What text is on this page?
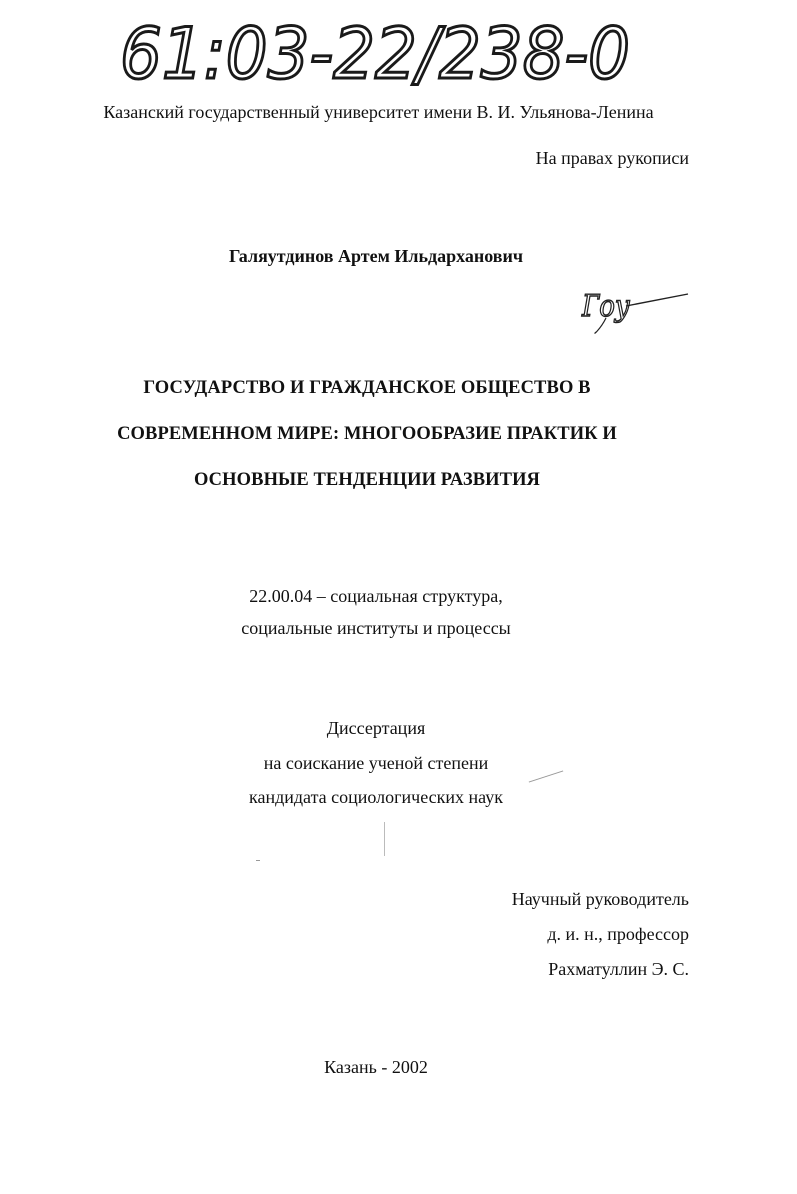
61:03-22/238-0
Казанский государственный университет имени В. И. Ульянова-Ленина
На правах рукописи
Галяутдинов Артем Ильдарханович
Гоу
ГОСУДАРСТВО И ГРАЖДАНСКОЕ ОБЩЕСТВО В
СОВРЕМЕННОМ МИРЕ: МНОГООБРАЗИЕ ПРАКТИК И
ОСНОВНЫЕ ТЕНДЕНЦИИ РАЗВИТИЯ
22.00.04 – социальная структура,
социальные институты и процессы
Диссертация
на соискание ученой степени
кандидата социологических наук
Научный руководитель
д. и. н., профессор
Рахматуллин Э. С.
Казань - 2002
